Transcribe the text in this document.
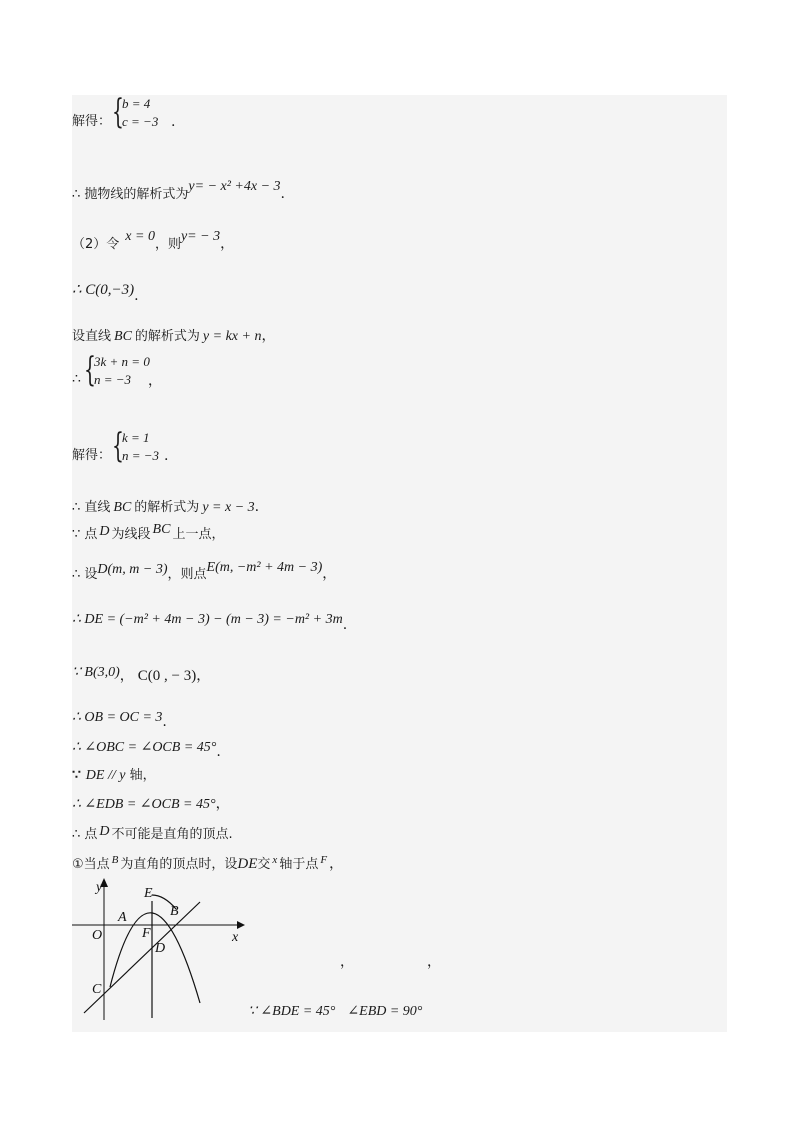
解得： {
b = 4
c = −3 .
∴ 抛物线的解析式为y= − x² +4x − 3.
（2）令x = 0，则y= − 3，
∴ C(0,−3).
设直线 BC 的解析式为 y = kx + n，
∴ {
3k + n = 0
n = −3 ，
解得： {
k = 1
n = −3 .
∴ 直线 BC 的解析式为 y = x − 3.
∵ 点 D 为线段 BC 上一点，
∴ 设D(m, m − 3)，则点E(m, −m² + 4m − 3)，
∴ DE = (−m² + 4m − 3) − (m − 3) = −m² + 3m.
∵ B(3,0)， C(0 , − 3)，
∴ OB = OC = 3.
∴ ∠OBC = ∠OCB = 45°.
∵ DE // y 轴，
∴ ∠EDB = ∠OCB = 45°，
∴ 点 D 不可能是直角的顶点.
①当点 $^B$ 为直角的顶点时，设DE交 $^x$ 轴于点 $^F$ ，
y
x
O
A
E
B
F
D
C
，	，
∵ ∠BDE = 45° ∠EBD = 90°
